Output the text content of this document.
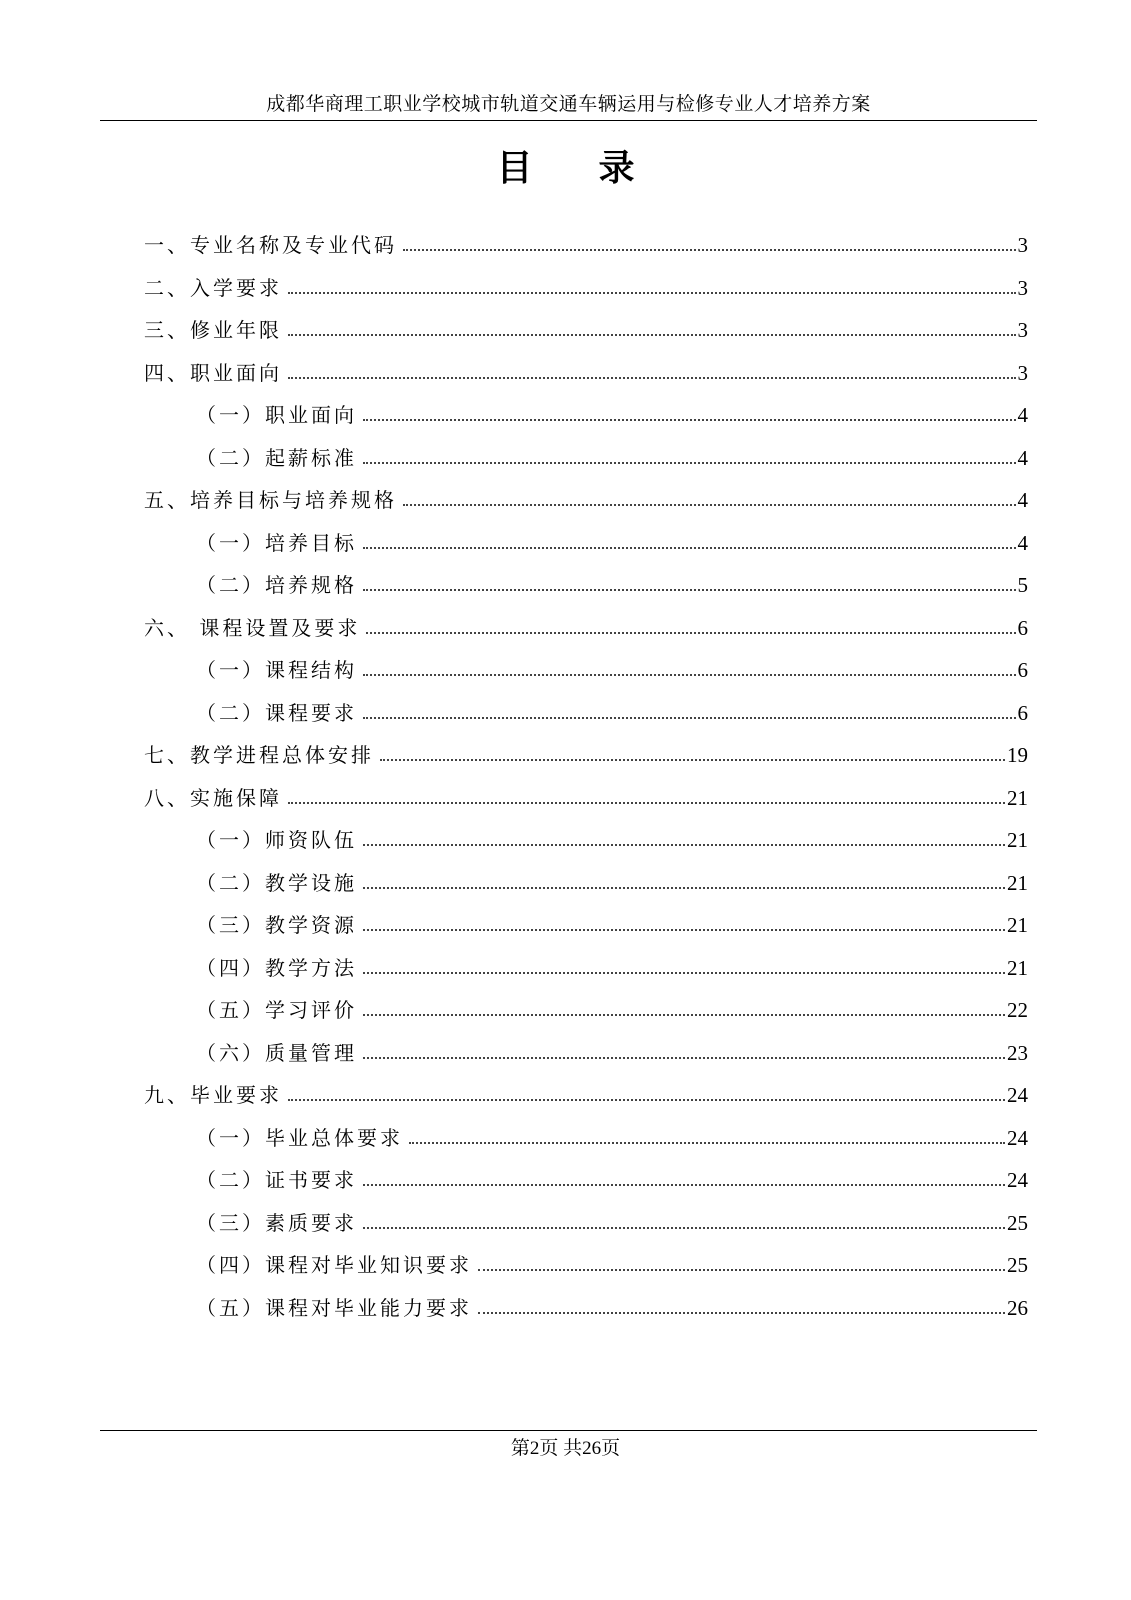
成都华商理工职业学校城市轨道交通车辆运用与检修专业人才培养方案
目录
一、专业名称及专业代码	3
二、入学要求	3
三、修业年限	3
四、职业面向	3
（一）职业面向	4
（二）起薪标准	4
五、培养目标与培养规格	4
（一）培养目标	4
（二）培养规格	5
六、 课程设置及要求	6
（一）课程结构	6
（二）课程要求	6
七、教学进程总体安排	19
八、实施保障	21
（一）师资队伍	21
（二）教学设施	21
（三）教学资源	21
（四）教学方法	21
（五）学习评价	22
（六）质量管理	23
九、毕业要求	24
（一）毕业总体要求	24
（二）证书要求	24
（三）素质要求	25
（四）课程对毕业知识要求	25
（五）课程对毕业能力要求	26
第2页 共26页
